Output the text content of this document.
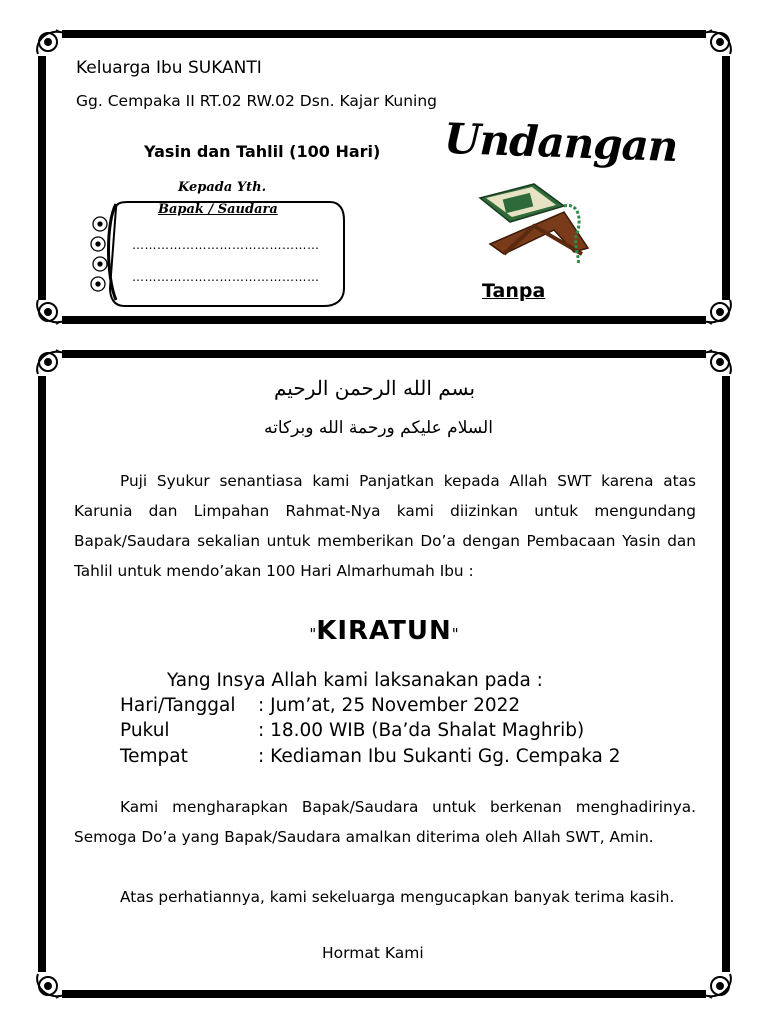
Keluarga Ibu SUKANTI
Gg. Cempaka II RT.02 RW.02 Dsn. Kajar Kuning
Yasin dan Tahlil (100 Hari) Undangan
Kepada Yth.
Bapak / Saudara
………………………………………
………………………………………
Tanpa
بسم الله الرحمن الرحيم
السلام عليكم ورحمة الله وبركاته
Puji Syukur senantiasa kami Panjatkan kepada Allah SWT karena atas Karunia dan Limpahan Rahmat-Nya kami diizinkan untuk mengundang Bapak/Saudara sekalian untuk memberikan Do’a dengan Pembacaan Yasin dan Tahlil untuk mendo’akan 100 Hari Almarhumah Ibu :
"KIRATUN"
Yang Insya Allah kami laksanakan pada :
Hari/Tanggal : Jum’at, 25 November 2022
Pukul	: 18.00 WIB (Ba’da Shalat Maghrib)
Tempat	: Kediaman Ibu Sukanti Gg. Cempaka 2
Kami mengharapkan Bapak/Saudara untuk berkenan menghadirinya. Semoga Do’a yang Bapak/Saudara amalkan diterima oleh Allah SWT, Amin.
Atas perhatiannya, kami sekeluarga mengucapkan banyak terima kasih.
Hormat Kami
